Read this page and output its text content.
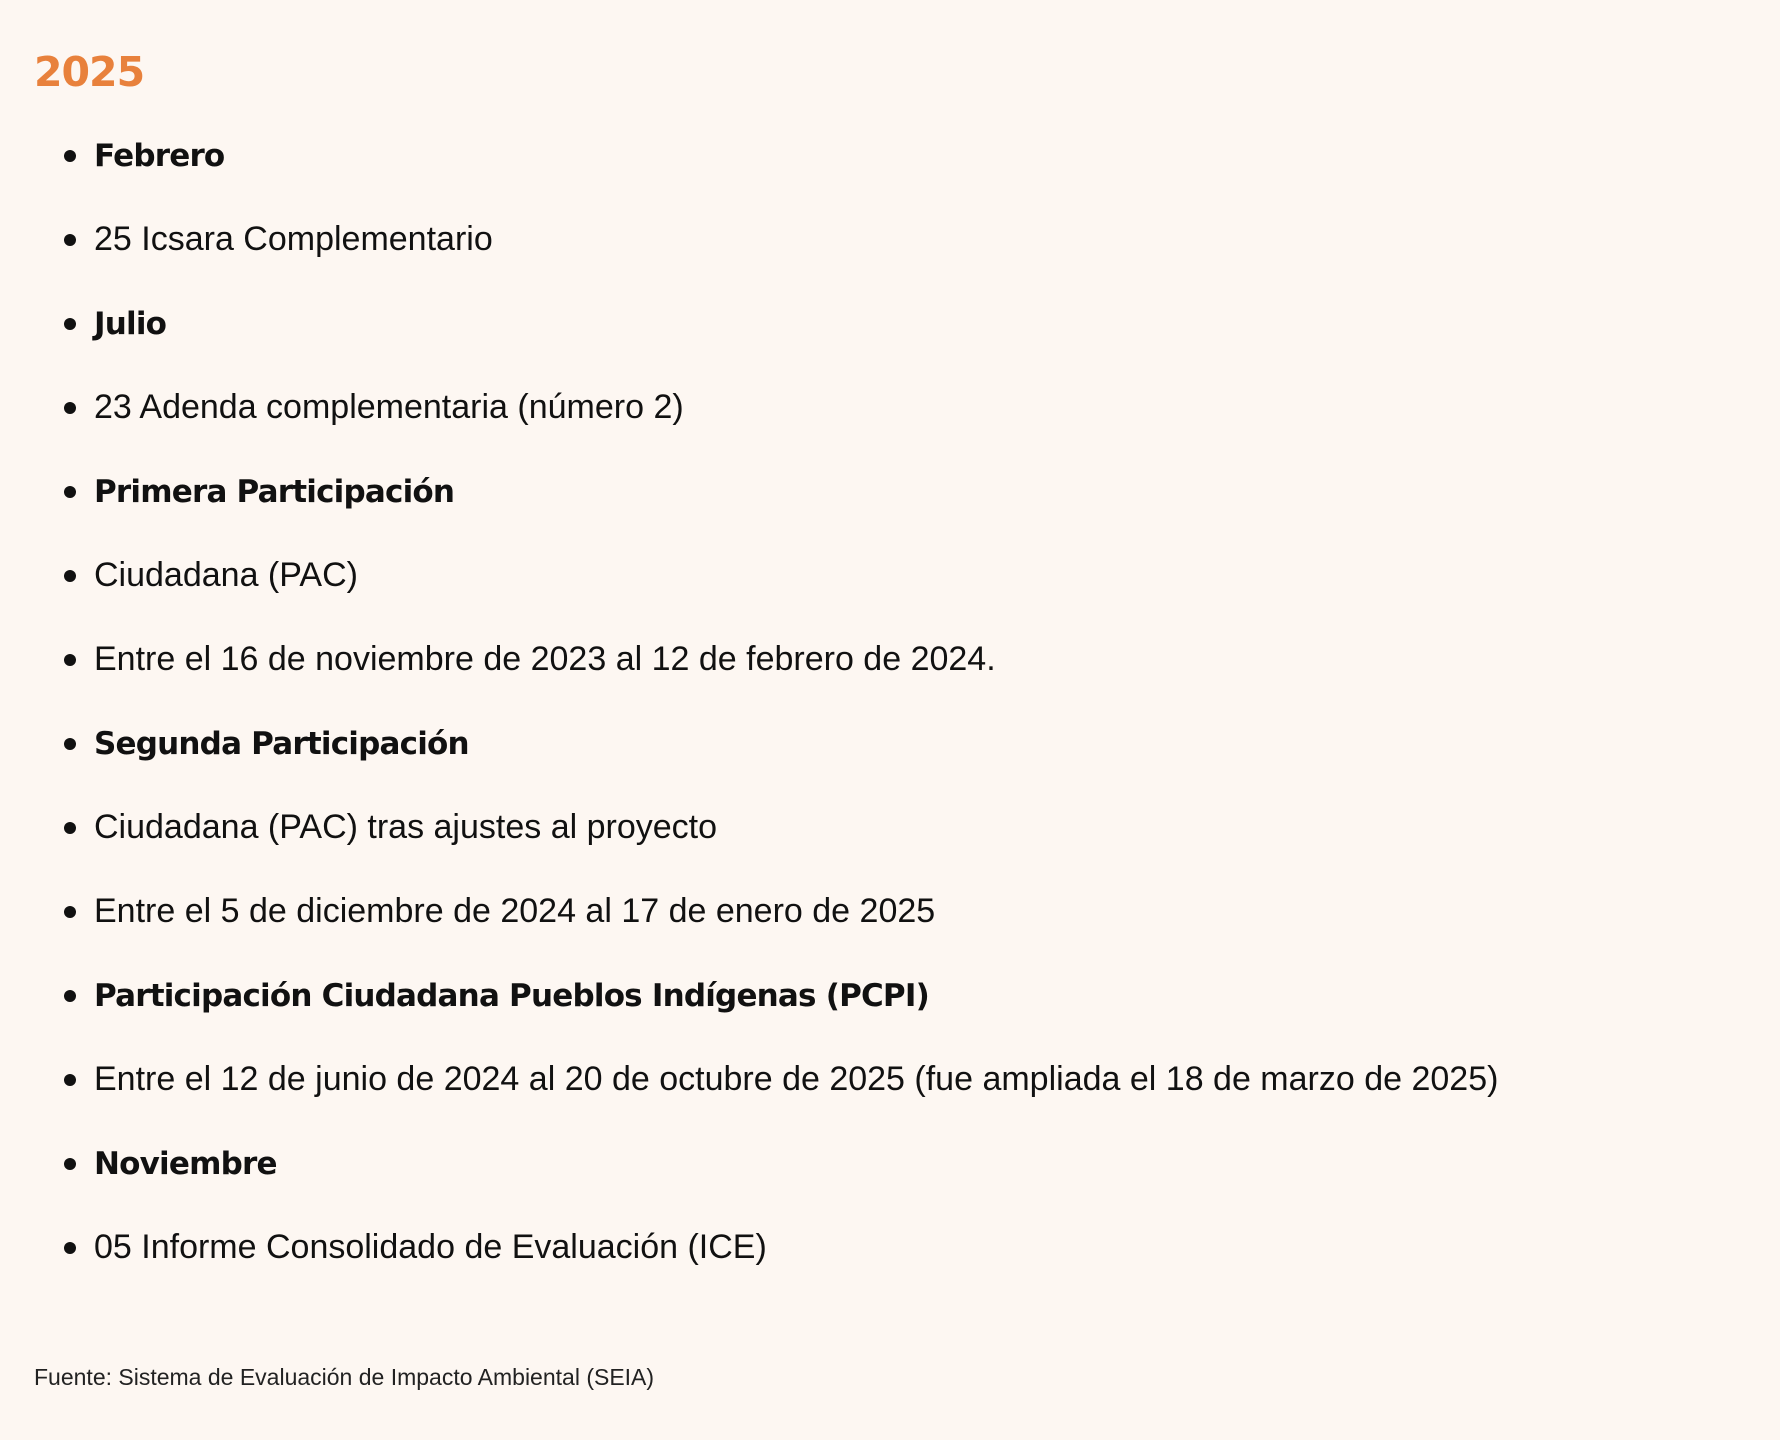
2025
Febrero
25 Icsara Complementario
Julio
23 Adenda complementaria (número 2)
Primera Participación
Ciudadana (PAC)
Entre el 16 de noviembre de 2023 al 12 de febrero de 2024.
Segunda Participación
Ciudadana (PAC) tras ajustes al proyecto
Entre el 5 de diciembre de 2024 al 17 de enero de 2025
Participación Ciudadana Pueblos Indígenas (PCPI)
Entre el 12 de junio de 2024 al 20 de octubre de 2025 (fue ampliada el 18 de marzo de 2025)
Noviembre
05 Informe Consolidado de Evaluación (ICE)
Fuente: Sistema de Evaluación de Impacto Ambiental (SEIA)
